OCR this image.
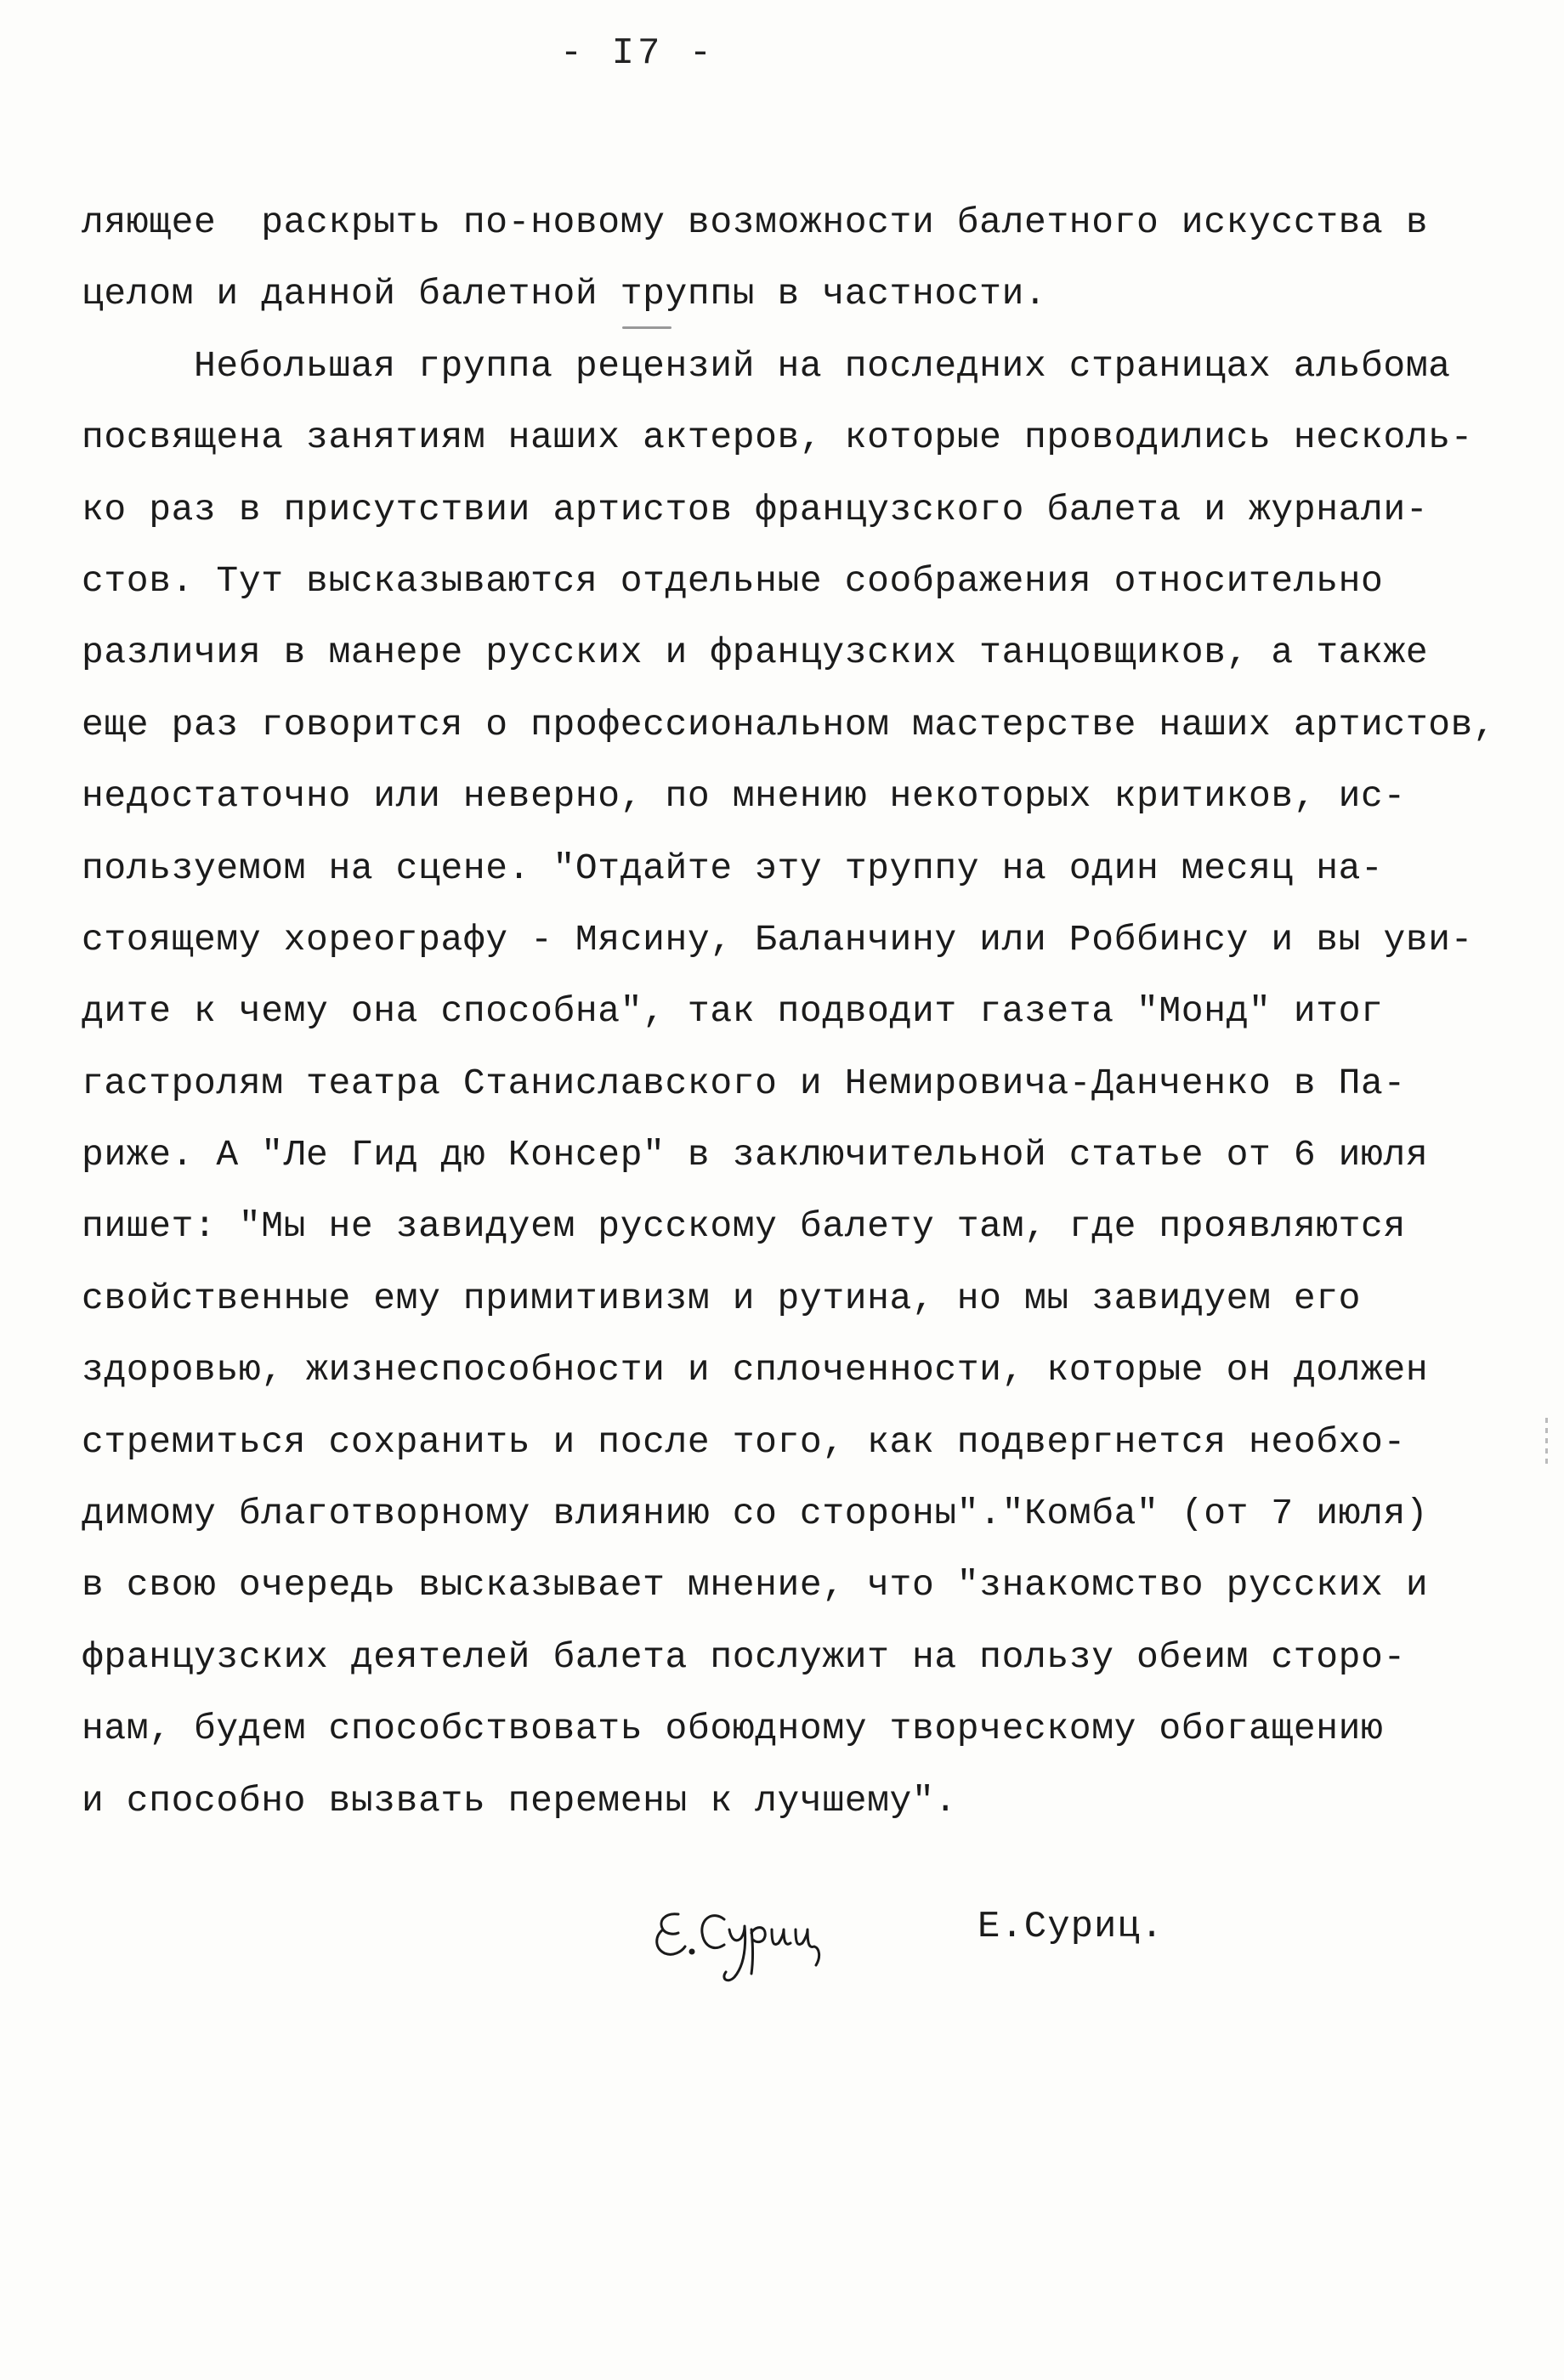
- I7 -
ляющее  раскрыть по-новому возможности балетного искусства в
целом и данной балетной труппы в частности.
Небольшая группа рецензий на последних страницах альбома
посвящена занятиям наших актеров, которые проводились несколь-
ко раз в присутствии артистов французского балета и журнали-
стов. Тут высказываются отдельные соображения относительно
различия в манере русских и французских танцовщиков, а также
еще раз говорится о профессиональном мастерстве наших артистов,
недостаточно или неверно, по мнению некоторых критиков, ис-
пользуемом на сцене. "Отдайте эту труппу на один месяц на-
стоящему хореографу - Мясину, Баланчину или Роббинсу и вы уви-
дите к чему она способна", так подводит газета "Монд" итог
гастролям театра Станиславского и Немировича-Данченко в Па-
риже. А "Ле Гид дю Консер" в заключительной статье от 6 июля
пишет: "Мы не завидуем русскому балету там, где проявляются
свойственные ему примитивизм и рутина, но мы завидуем его
здоровью, жизнеспособности и сплоченности, которые он должен
стремиться сохранить и после того, как подвергнется необхо-
димому благотворному влиянию со стороны"."Комба" (от 7 июля)
в свою очередь высказывает мнение, что "знакомство русских и
французских деятелей балета послужит на пользу обеим сторо-
нам, будем способствовать обоюдному творческому обогащению
и способно вызвать перемены к лучшему".
Е.Суриц.
